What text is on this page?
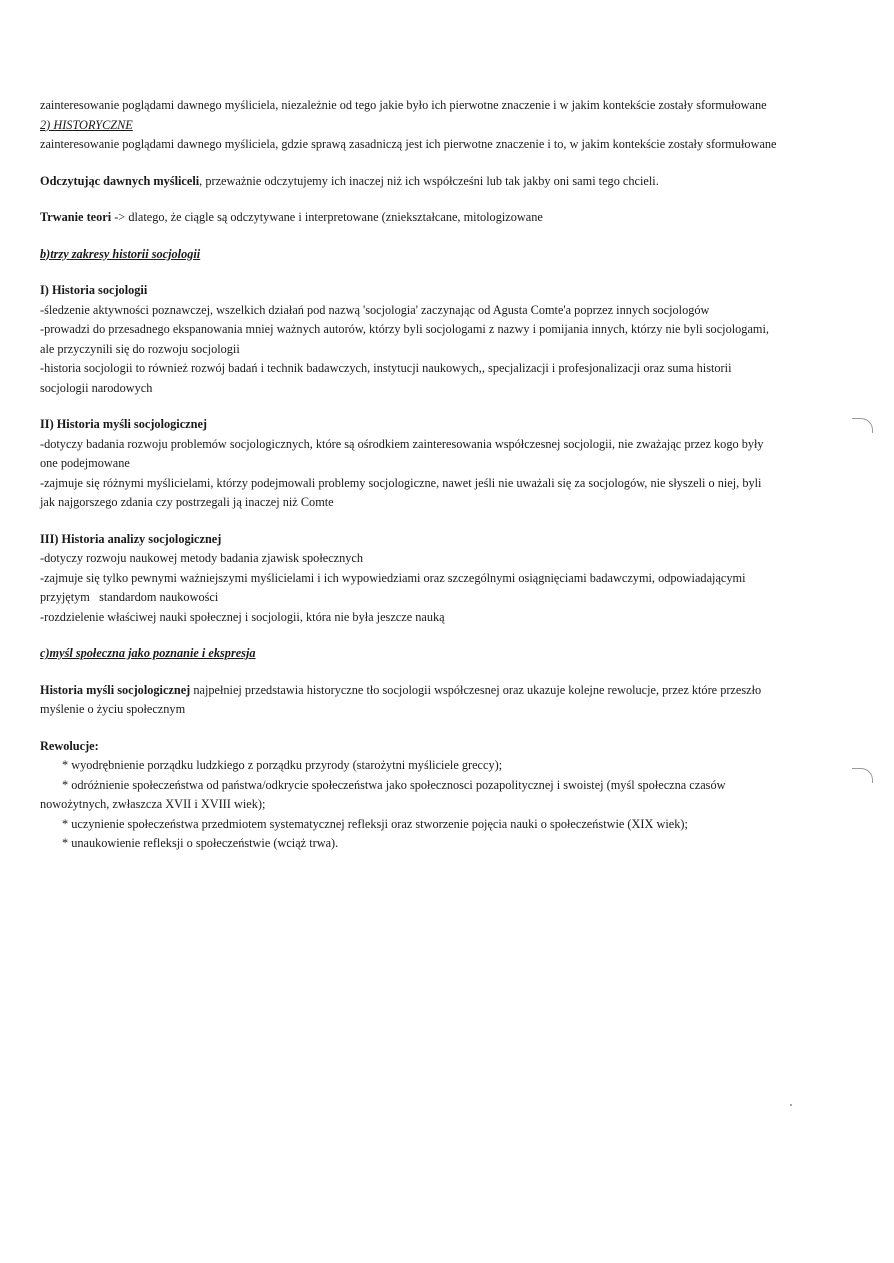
zainteresowanie poglądami dawnego myśliciela, niezależnie od tego jakie było ich pierwotne znaczenie i w jakim kontekście zostały sformułowane
2) HISTORYCZNE
zainteresowanie poglądami dawnego myśliciela, gdzie sprawą zasadniczą jest ich pierwotne znaczenie i to, w jakim kontekście zostały sformułowane
Odczytując dawnych myśliceli, przeważnie odczytujemy ich inaczej niż ich współcześni lub tak jakby oni sami tego chcieli.
Trwanie teori -> dlatego, że ciągle są odczytywane i interpretowane (zniekształcane, mitologizowane
b)trzy zakresy historii socjologii
I) Historia socjologii
-śledzenie aktywności poznawczej, wszelkich działań pod nazwą 'socjologia' zaczynając od Agusta Comte'a poprzez innych socjologów
-prowadzi do przesadnego ekspanowania mniej ważnych autorów, którzy byli socjologami z nazwy i pomijania innych, którzy nie byli socjologami,
ale przyczynili się do rozwoju socjologii
-historia socjologii to również rozwój badań i technik badawczych, instytucji naukowych,, specjalizacji i profesjonalizacji oraz suma historii
socjologii narodowych
II) Historia myśli socjologicznej
-dotyczy badania rozwoju problemów socjologicznych, które są ośrodkiem zainteresowania współczesnej socjologii, nie zważając przez kogo były
one podejmowane
-zajmuje się różnymi myślicielami, którzy podejmowali problemy socjologiczne, nawet jeśli nie uważali się za socjologów, nie słyszeli o niej, byli
jak najgorszego zdania czy postrzegali ją inaczej niż Comte
III) Historia analizy socjologicznej
-dotyczy rozwoju naukowej metody badania zjawisk społecznych
-zajmuje się tylko pewnymi ważniejszymi myślicielami i ich wypowiedziami oraz szczególnymi osiągnięciami badawczymi, odpowiadającymi
przyjętym   standardom naukowości
-rozdzielenie właściwej nauki społecznej i socjologii, która nie była jeszcze nauką
c)myśl społeczna jako poznanie i ekspresja
Historia myśli socjologicznej najpełniej przedstawia historyczne tło socjologii współczesnej oraz ukazuje kolejne rewolucje, przez które przeszło
myślenie o życiu społecznym
Rewolucje:
* wyodrębnienie porządku ludzkiego z porządku przyrody (starożytni myśliciele greccy);
* odróżnienie społeczeństwa od państwa/odkrycie społeczeństwa jako społecznosci pozapolitycznej i swoistej (myśl społeczna czasów
nowożytnych, zwłaszcza XVII i XVIII wiek);
* uczynienie społeczeństwa przedmiotem systematycznej refleksji oraz stworzenie pojęcia nauki o społeczeństwie (XIX wiek);
* unaukowienie refleksji o społeczeństwie (wciąż trwa).
